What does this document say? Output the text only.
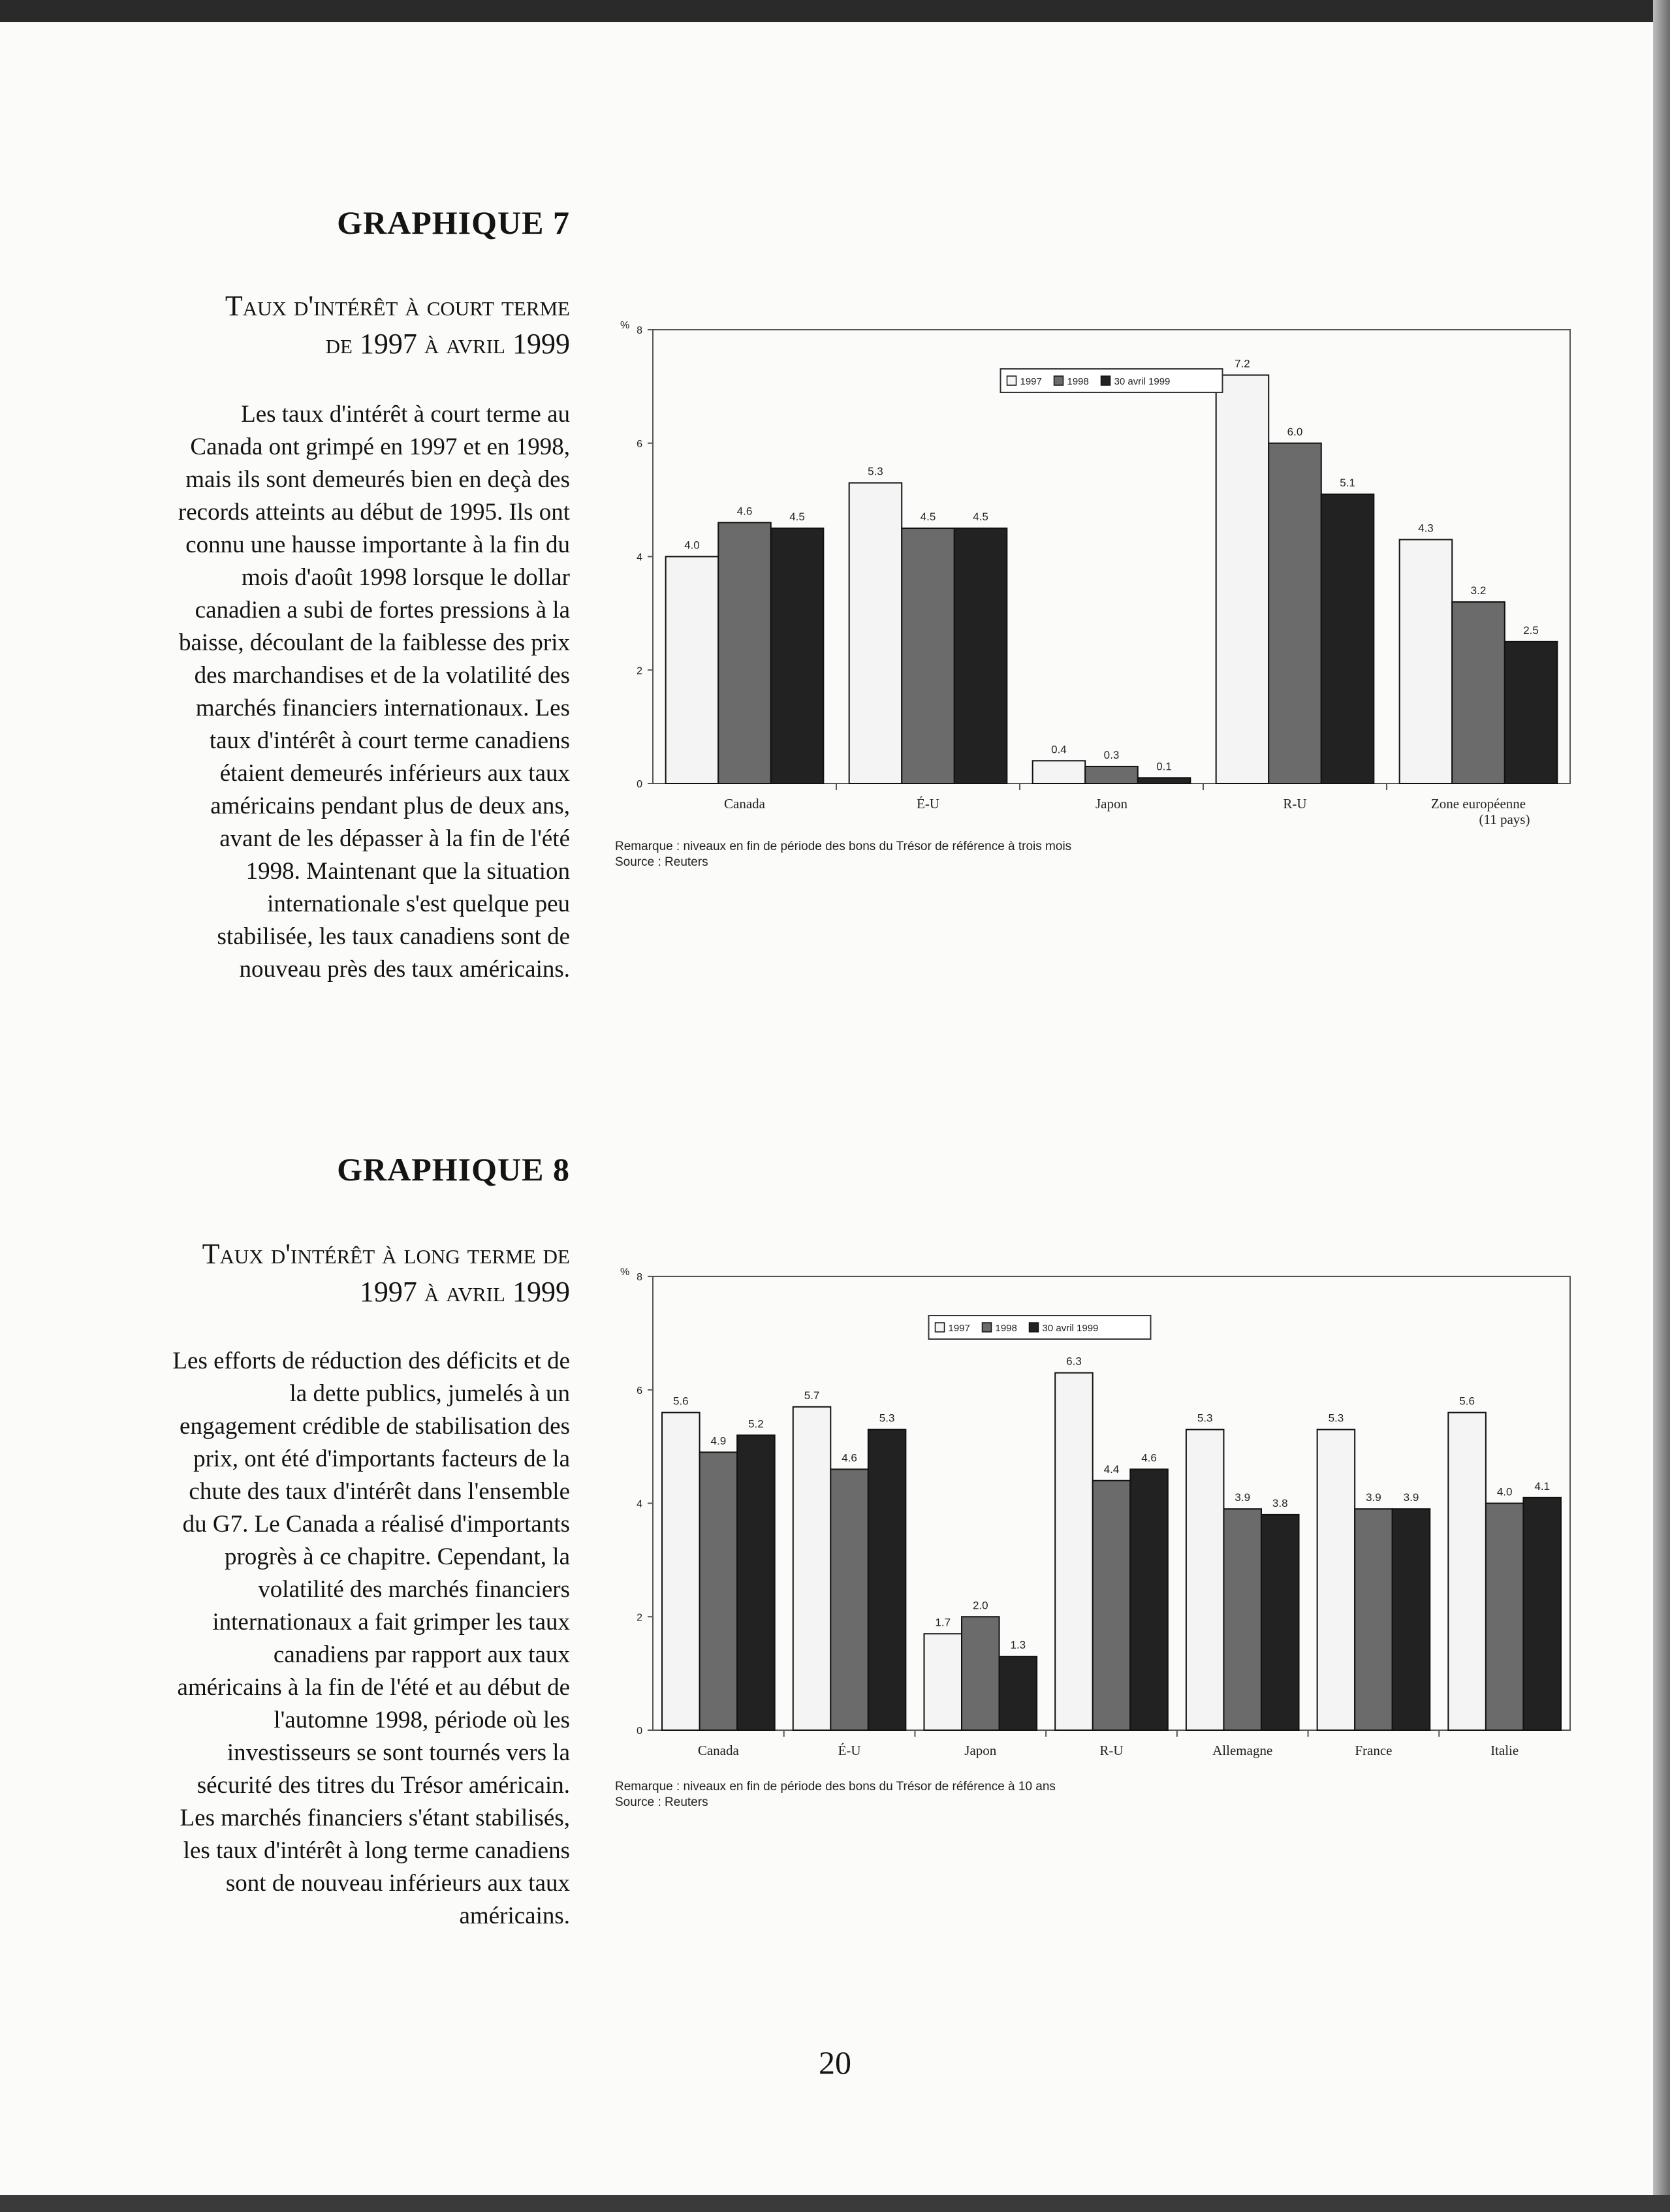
GRAPHIQUE 7
Taux d'intérêt à court terme
de 1997 à avril 1999
Les taux d'intérêt à court terme au
Canada ont grimpé en 1997 et en 1998,
mais ils sont demeurés bien en deçà des
records atteints au début de 1995. Ils ont
connu une hausse importante à la fin du
mois d'août 1998 lorsque le dollar
canadien a subi de fortes pressions à la
baisse, découlant de la faiblesse des prix
des marchandises et de la volatilité des
marchés financiers internationaux. Les
taux d'intérêt à court terme canadiens
étaient demeurés inférieurs aux taux
américains pendant plus de deux ans,
avant de les dépasser à la fin de l'été
1998. Maintenant que la situation
internationale s'est quelque peu
stabilisée, les taux canadiens sont de
nouveau près des taux américains.
%
0
2
4
6
8
4.0
4.6	4.5
Canada
5.3
4.5	4.5
É-U
0.4	0.3
0.1
Japon
7.2
6.0
5.1
R-U
4.3
3.2
2.5
Zone européenne
(11 pays)
1997	1998	30 avril 1999
Remarque : niveaux en fin de période des bons du Trésor de référence à trois mois
Source : Reuters
GRAPHIQUE 8
Taux d'intérêt à long terme de
1997 à avril 1999
Les efforts de réduction des déficits et de
la dette publics, jumelés à un
engagement crédible de stabilisation des
prix, ont été d'importants facteurs de la
chute des taux d'intérêt dans l'ensemble
du G7. Le Canada a réalisé d'importants
progrès à ce chapitre. Cependant, la
volatilité des marchés financiers
internationaux a fait grimper les taux
canadiens par rapport aux taux
américains à la fin de l'été et au début de
l'automne 1998, période où les
investisseurs se sont tournés vers la
sécurité des titres du Trésor américain.
Les marchés financiers s'étant stabilisés,
les taux d'intérêt à long terme canadiens
sont de nouveau inférieurs aux taux
américains.
%
0
2
4
6
8
5.6
4.9
5.2
Canada
5.7
4.6
5.3
É-U
1.7
2.0
1.3
Japon
6.3
4.4
4.6
R-U
5.3
3.9 3.8
Allemagne
5.3
3.9 3.9
France
5.6
4.0 4.1
Italie
1997	1998	30 avril 1999
Remarque : niveaux en fin de période des bons du Trésor de référence à 10 ans
Source : Reuters
20
